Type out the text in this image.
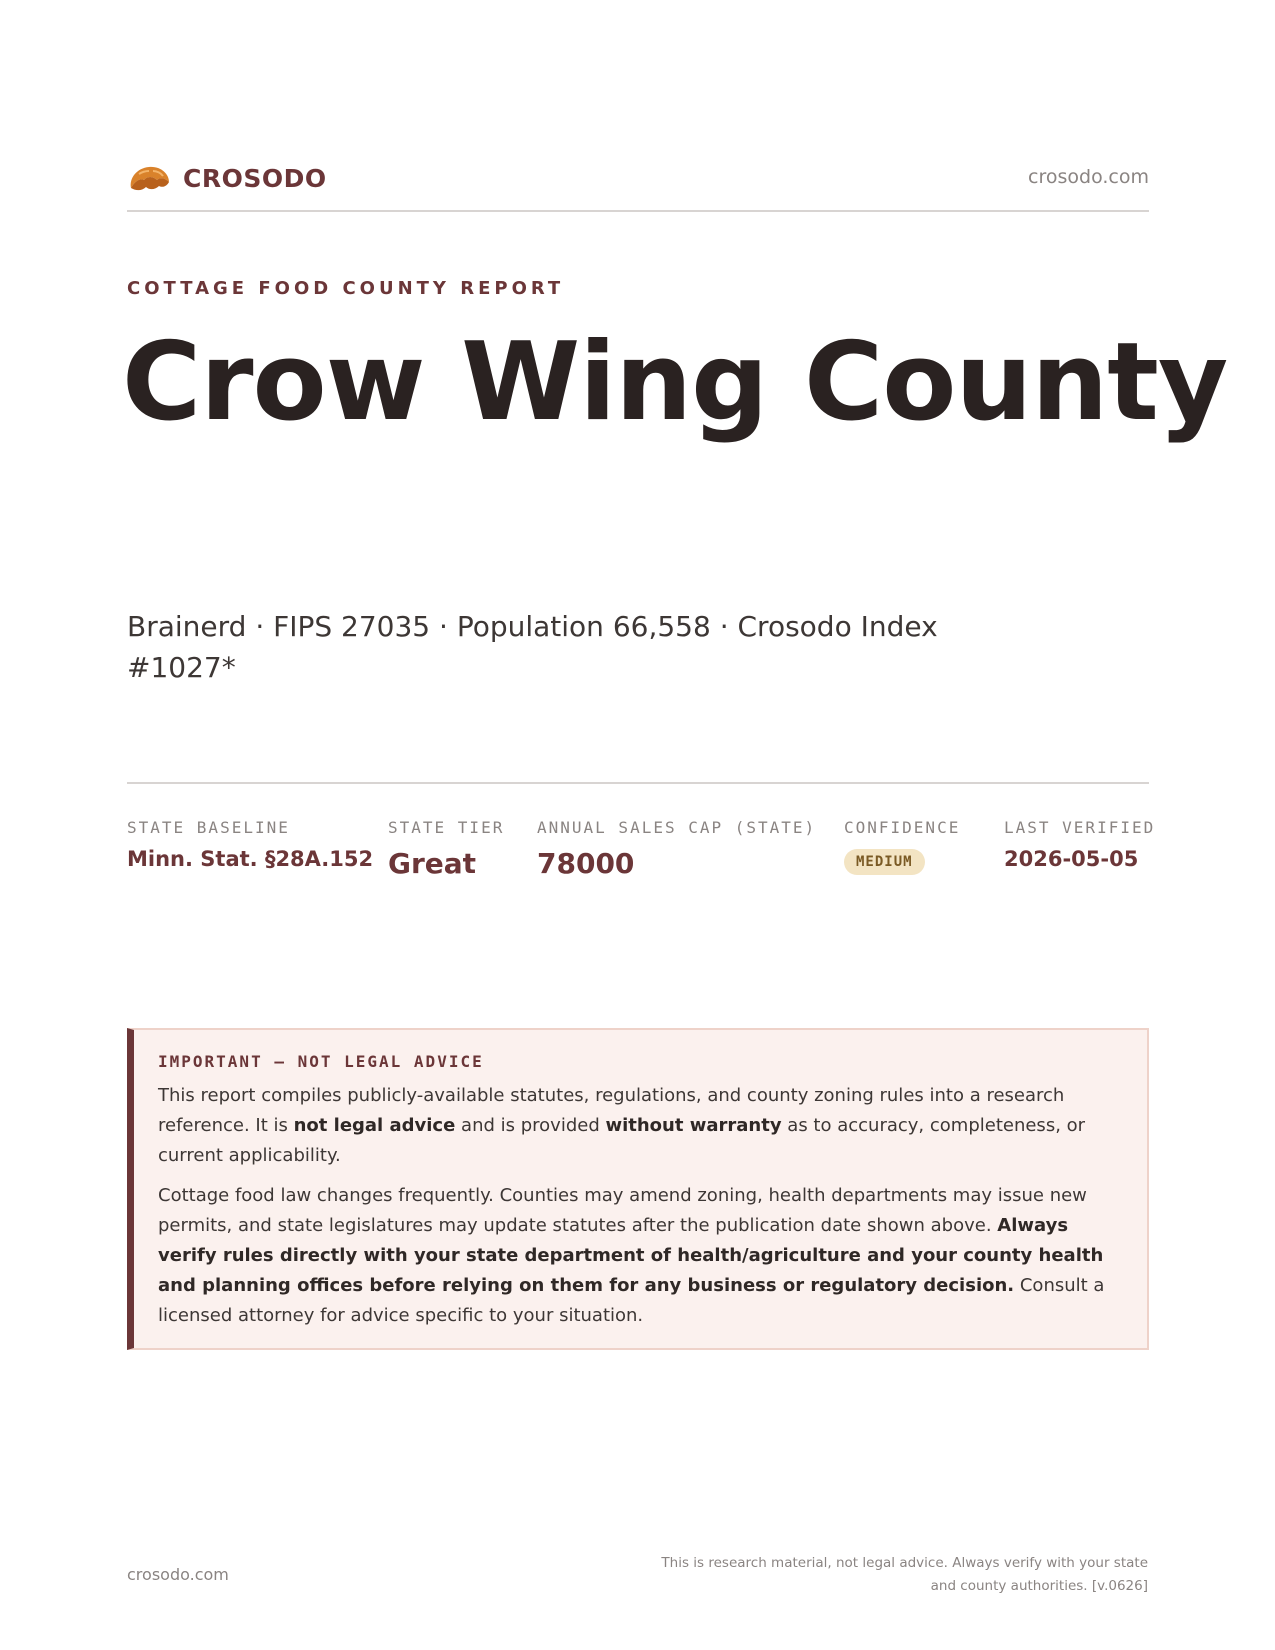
CROSODO	crosodo.com
COTTAGE FOOD COUNTY REPORT
Crow Wing County
Brainerd · FIPS 27035 · Population 66,558 · Crosodo Index #1027*
STATE BASELINE
Minn. Stat. §28A.152
STATE TIER
Great
ANNUAL SALES CAP (STATE)
78000
CONFIDENCE
MEDIUM
LAST VERIFIED
2026-05-05
IMPORTANT — NOT LEGAL ADVICE

This report compiles publicly-available statutes, regulations, and county zoning rules into a research reference. It is not legal advice and is provided without warranty as to accuracy, completeness, or current applicability.

Cottage food law changes frequently. Counties may amend zoning, health departments may issue new permits, and state legislatures may update statutes after the publication date shown above. Always verify rules directly with your state department of health/agriculture and your county health and planning offices before relying on them for any business or regulatory decision. Consult a licensed attorney for advice specific to your situation.

crosodo.com
This is research material, not legal advice. Always verify with your state
and county authorities. [v.0626]
